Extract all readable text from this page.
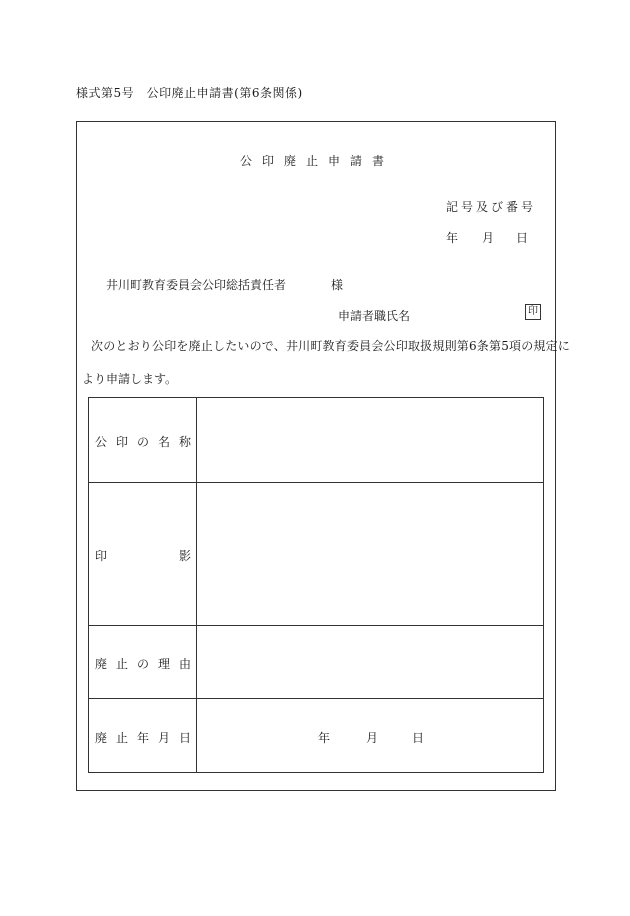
様式第5号　公印廃止申請書(第6条関係)
公印廃止申請書
記号及び番号
年 月 日
井川町教育委員会公印総括責任者	様
申請者職氏名	印
次のとおり公印を廃止したいので、井川町教育委員会公印取扱規則第6条第5項の規定に
より申請します。
公印の名称
印	影
廃止の理由
廃止年月日	年	月	日
